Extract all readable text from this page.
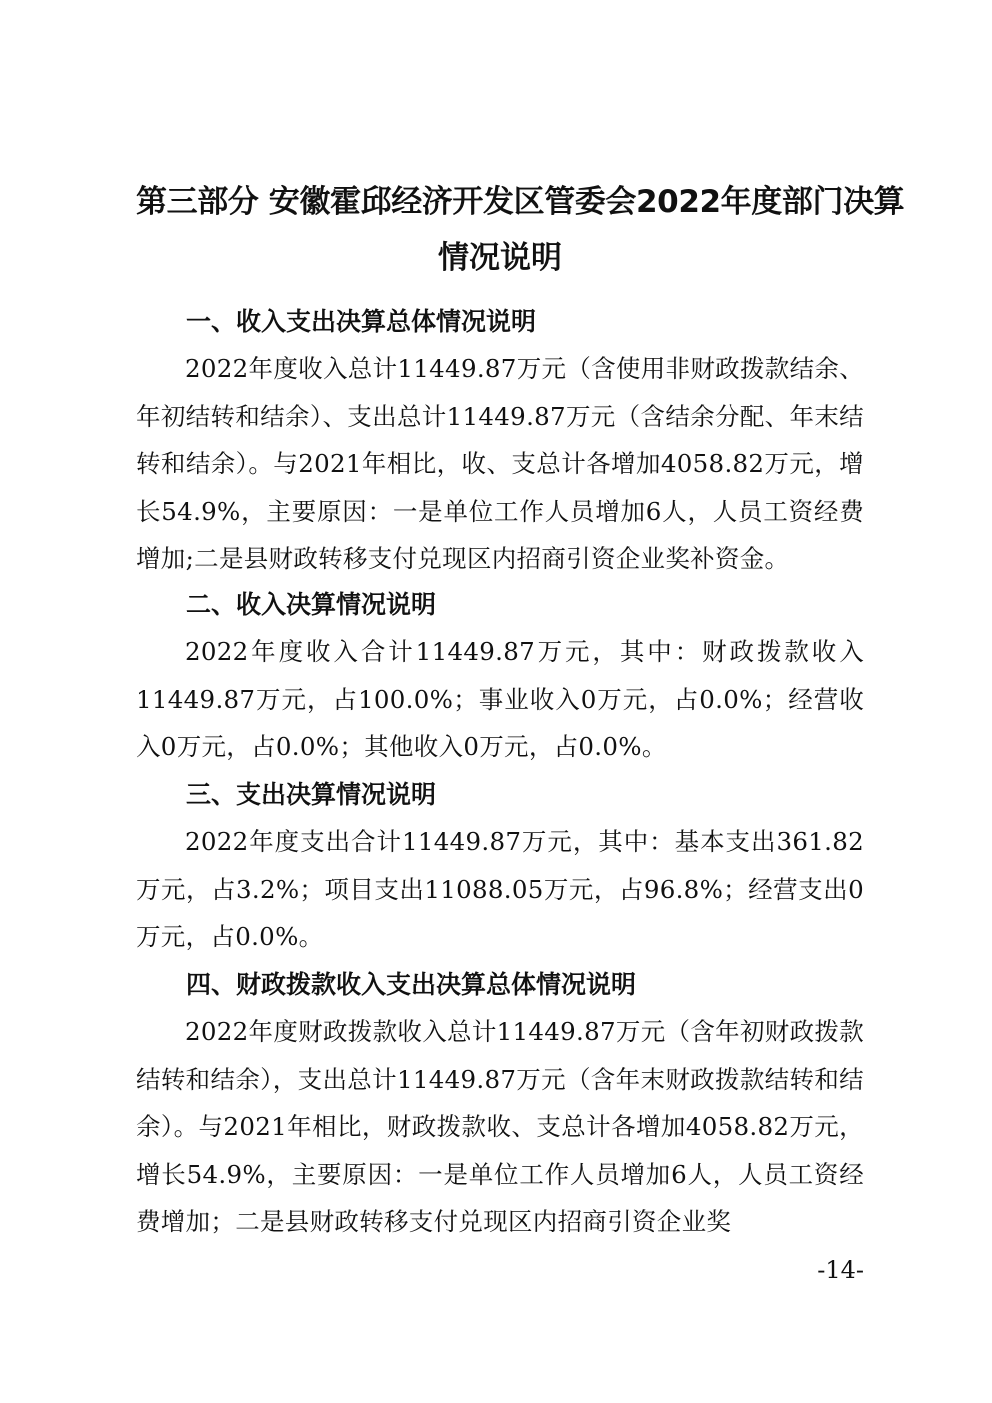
第三部分 安徽霍邱经济开发区管委会2022年度部门决算
情况说明
一、收入支出决算总体情况说明

2022年度收入总计11449.87万元（含使用非财政拨款结余、年初结转和结余）、支出总计11449.87万元（含结余分配、年末结转和结余）。与2021年相比，收、支总计各增加4058.82万元，增长54.9%，主要原因：一是单位工作人员增加6人，人员工资经费增加;二是县财政转移支付兑现区内招商引资企业奖补资金。

二、收入决算情况说明

2022年度收入合计11449.87万元，其中：财政拨款收入11449.87万元，占100.0%；事业收入0万元，占0.0%；经营收入0万元，占0.0%；其他收入0万元，占0.0%。

三、支出决算情况说明

2022年度支出合计11449.87万元，其中：基本支出361.82万元，占3.2%；项目支出11088.05万元，占96.8%；经营支出0万元，占0.0%。

四、财政拨款收入支出决算总体情况说明

2022年度财政拨款收入总计11449.87万元（含年初财政拨款结转和结余），支出总计11449.87万元（含年末财政拨款结转和结余）。与2021年相比，财政拨款收、支总计各增加4058.82万元，增长54.9%，主要原因：一是单位工作人员增加6人，人员工资经费增加；二是县财政转移支付兑现区内招商引资企业奖

-14-
